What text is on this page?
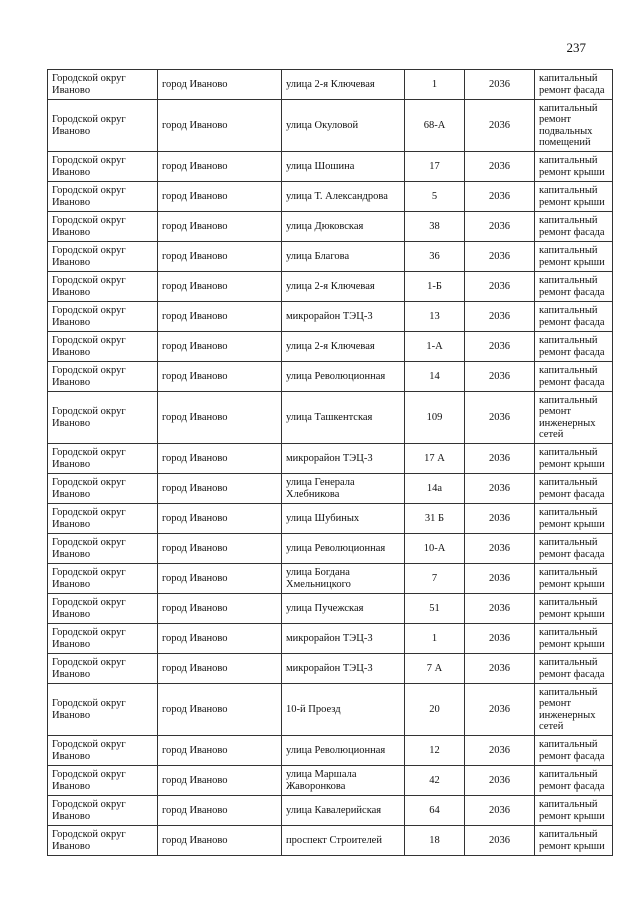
237
Городской округ Иваново	город Иваново	улица 2-я Ключевая	1	2036	капитальный ремонт фасада
Городской округ Иваново	город Иваново	улица Окуловой	68-А	2036	капитальный ремонт подвальных помещений
Городской округ Иваново	город Иваново	улица Шошина	17	2036	капитальный ремонт крыши
Городской округ Иваново	город Иваново	улица Т. Александрова	5	2036	капитальный ремонт крыши
Городской округ Иваново	город Иваново	улица Дюковская	38	2036	капитальный ремонт фасада
Городской округ Иваново	город Иваново	улица Благова	36	2036	капитальный ремонт крыши
Городской округ Иваново	город Иваново	улица 2-я Ключевая	1-Б	2036	капитальный ремонт фасада
Городской округ Иваново	город Иваново	микрорайон ТЭЦ-3	13	2036	капитальный ремонт фасада
Городской округ Иваново	город Иваново	улица 2-я Ключевая	1-А	2036	капитальный ремонт фасада
Городской округ Иваново	город Иваново	улица Революционная	14	2036	капитальный ремонт фасада
Городской округ Иваново	город Иваново	улица Ташкентская	109	2036	капитальный ремонт инженерных сетей
Городской округ Иваново	город Иваново	микрорайон ТЭЦ-3	17 А	2036	капитальный ремонт крыши
Городской округ Иваново	город Иваново	улица Генерала Хлебникова	14а	2036	капитальный ремонт фасада
Городской округ Иваново	город Иваново	улица Шубиных	31 Б	2036	капитальный ремонт крыши
Городской округ Иваново	город Иваново	улица Революционная	10-А	2036	капитальный ремонт фасада
Городской округ Иваново	город Иваново	улица Богдана Хмельницкого	7	2036	капитальный ремонт крыши
Городской округ Иваново	город Иваново	улица Пучежская	51	2036	капитальный ремонт крыши
Городской округ Иваново	город Иваново	микрорайон ТЭЦ-3	1	2036	капитальный ремонт крыши
Городской округ Иваново	город Иваново	микрорайон ТЭЦ-3	7 А	2036	капитальный ремонт фасада
Городской округ Иваново	город Иваново	10-й Проезд	20	2036	капитальный ремонт инженерных сетей
Городской округ Иваново	город Иваново	улица Революционная	12	2036	капитальный ремонт фасада
Городской округ Иваново	город Иваново	улица Маршала Жаворонкова	42	2036	капитальный ремонт фасада
Городской округ Иваново	город Иваново	улица Кавалерийская	64	2036	капитальный ремонт крыши
Городской округ Иваново	город Иваново	проспект Строителей	18	2036	капитальный ремонт крыши
